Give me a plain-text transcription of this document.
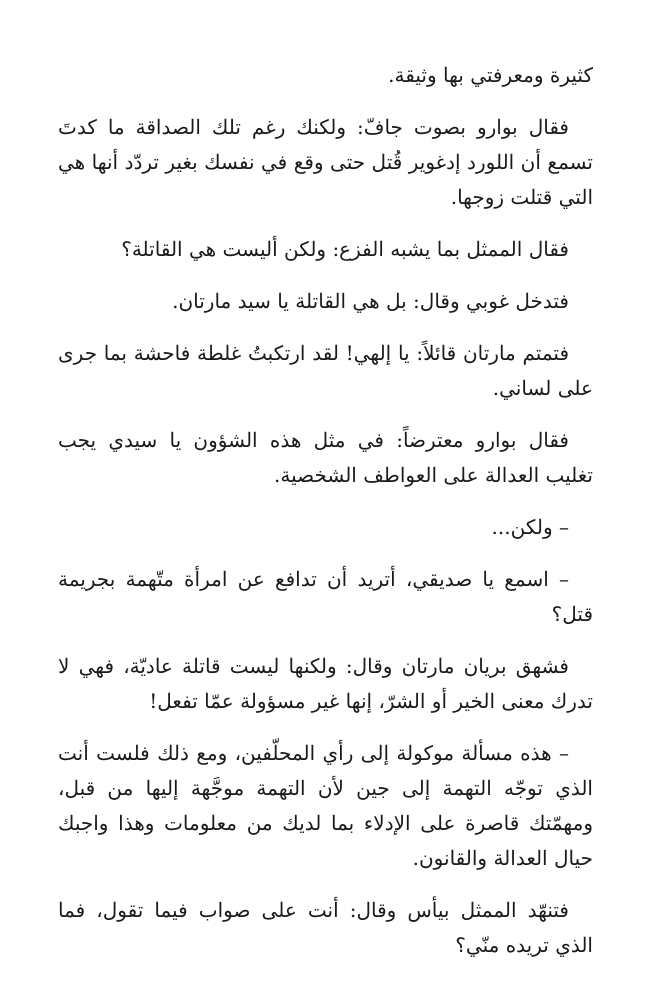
كثيرة ومعرفتي بها وثيقة.

فقال بوارو بصوت جافّ: ولكنك رغم تلك الصداقة ما كدتَ تسمع أن اللورد إدغوير قُتل حتى وقع في نفسك بغير تردّد أنها هي التي قتلت زوجها.

فقال الممثل بما يشبه الفزع: ولكن أليست هي القاتلة؟

فتدخل غوبي وقال: بل هي القاتلة يا سيد مارتان.

فتمتم مارتان قائلاً: يا إلهي! لقد ارتكبتُ غلطة فاحشة بما جرى على لساني.

فقال بوارو معترضاً: في مثل هذه الشؤون يا سيدي يجب تغليب العدالة على العواطف الشخصية.

– ولكن...

– اسمع يا صديقي، أتريد أن تدافع عن امرأة متّهمة بجريمة قتل؟

فشهق بريان مارتان وقال: ولكنها ليست قاتلة عاديّة، فهي لا تدرك معنى الخير أو الشرّ، إنها غير مسؤولة عمّا تفعل!

– هذه مسألة موكولة إلى رأي المحلّفين، ومع ذلك فلست أنت الذي توجّه التهمة إلى جين لأن التهمة موجَّهة إليها من قبل، ومهمّتك قاصرة على الإدلاء بما لديك من معلومات وهذا واجبك حيال العدالة والقانون.

فتنهّد الممثل بيأس وقال: أنت على صواب فيما تقول، فما الذي تريده منّي؟
